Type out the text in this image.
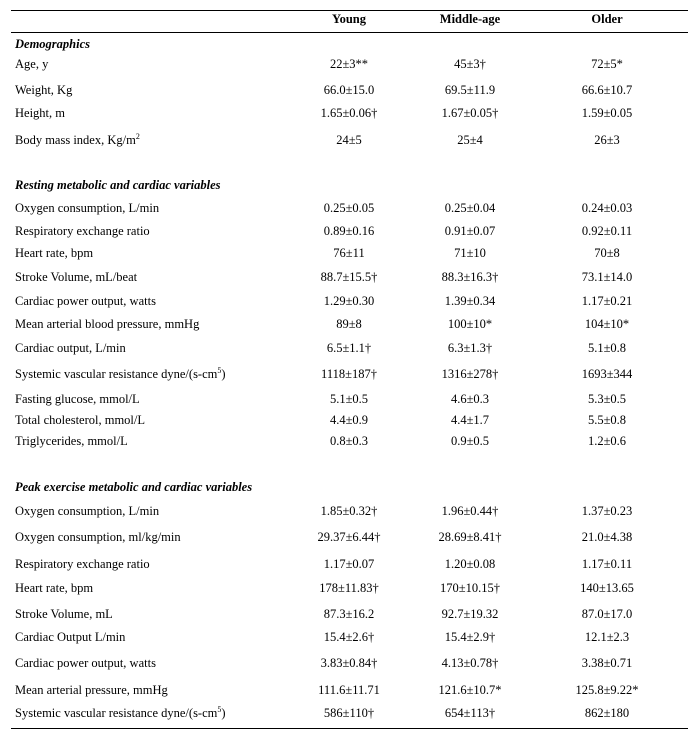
Young	Middle-age	Older
Demographics
Age, y	22±3**	45±3†	72±5*
Weight, Kg	66.0±15.0	69.5±11.9	66.6±10.7
Height, m	1.65±0.06†	1.67±0.05†	1.59±0.05
Body mass index, $Kg/m^2$	24±5	25±4	26±3
Resting metabolic and cardiac variables
Oxygen consumption, L/min	0.25±0.05	0.25±0.04	0.24±0.03
Respiratory exchange ratio	0.89±0.16	0.91±0.07	0.92±0.11
Heart rate, bpm	76±11	71±10	70±8
Stroke Volume, mL/beat	88.7±15.5†	88.3±16.3†	73.1±14.0
Cardiac power output, watts	1.29±0.30	1.39±0.34	1.17±0.21
Mean arterial blood pressure, mmHg	89±8	100±10*	104±10*
Cardiac output, L/min	6.5±1.1†	6.3±1.3†	5.1±0.8
Systemic vascular resistance dyne/$(s-cm^5)$	1118±187†	1316±278†	1693±344
Fasting glucose, mmol/L	5.1±0.5	4.6±0.3	5.3±0.5
Total cholesterol, mmol/L	4.4±0.9	4.4±1.7	5.5±0.8
Triglycerides, mmol/L	0.8±0.3	0.9±0.5	1.2±0.6
Peak exercise metabolic and cardiac variables
Oxygen consumption, L/min	1.85±0.32†	1.96±0.44†	1.37±0.23
Oxygen consumption, ml/kg/min	29.37±6.44†	28.69±8.41†	21.0±4.38
Respiratory exchange ratio	1.17±0.07	1.20±0.08	1.17±0.11
Heart rate, bpm	178±11.83†	170±10.15†	140±13.65
Stroke Volume, mL	87.3±16.2	92.7±19.32	87.0±17.0
Cardiac Output L/min	15.4±2.6†	15.4±2.9†	12.1±2.3
Cardiac power output, watts	3.83±0.84†	4.13±0.78†	3.38±0.71
Mean arterial pressure, mmHg	111.6±11.71	121.6±10.7*	125.8±9.22*
Systemic vascular resistance dyne/$(s-cm^5)$	586±110†	654±113†	862±180
